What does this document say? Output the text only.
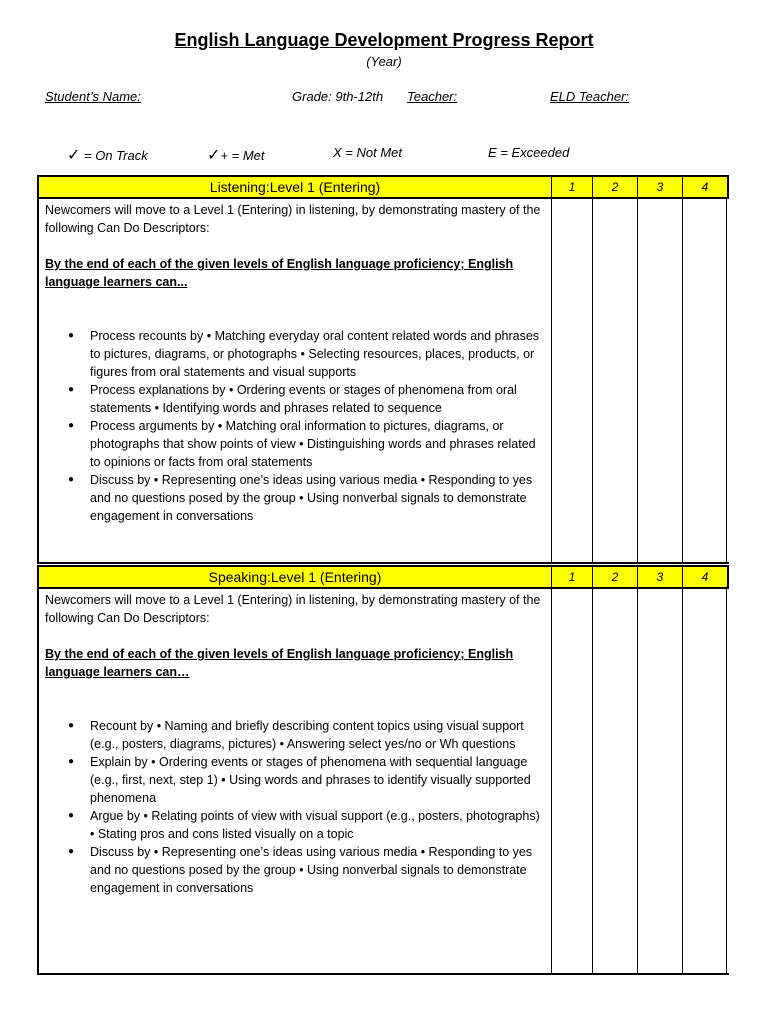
English Language Development Progress Report
(Year)
Student’s Name:	Grade: 9th-12th Teacher:	ELD Teacher:
✓ = On Track	✓+ = Met	X = Not Met	E = Exceeded
Listening:Level 1 (Entering)	1	2	3	4

Newcomers will move to a Level 1 (Entering) in listening, by demonstrating mastery of the following Can Do Descriptors:

By the end of each of the given levels of English language proficiency; English language learners can...

● Process recounts by • Matching everyday oral content related words and phrases to pictures, diagrams, or photographs • Selecting resources, places, products, or figures from oral statements and visual supports
● Process explanations by • Ordering events or stages of phenomena from oral statements • Identifying words and phrases related to sequence
● Process arguments by • Matching oral information to pictures, diagrams, or photographs that show points of view • Distinguishing words and phrases related to opinions or facts from oral statements
● Discuss by • Representing one’s ideas using various media • Responding to yes and no questions posed by the group • Using nonverbal signals to demonstrate engagement in conversations
Speaking:Level 1 (Entering)	1	2	3	4

Newcomers will move to a Level 1 (Entering) in listening, by demonstrating mastery of the following Can Do Descriptors:

By the end of each of the given levels of English language proficiency; English language learners can…

● Recount by • Naming and briefly describing content topics using visual support (e.g., posters, diagrams, pictures) • Answering select yes/no or Wh questions
● Explain by • Ordering events or stages of phenomena with sequential language (e.g., first, next, step 1) • Using words and phrases to identify visually supported phenomena
● Argue by • Relating points of view with visual support (e.g., posters, photographs) • Stating pros and cons listed visually on a topic
● Discuss by • Representing one’s ideas using various media • Responding to yes and no questions posed by the group • Using nonverbal signals to demonstrate engagement in conversations
